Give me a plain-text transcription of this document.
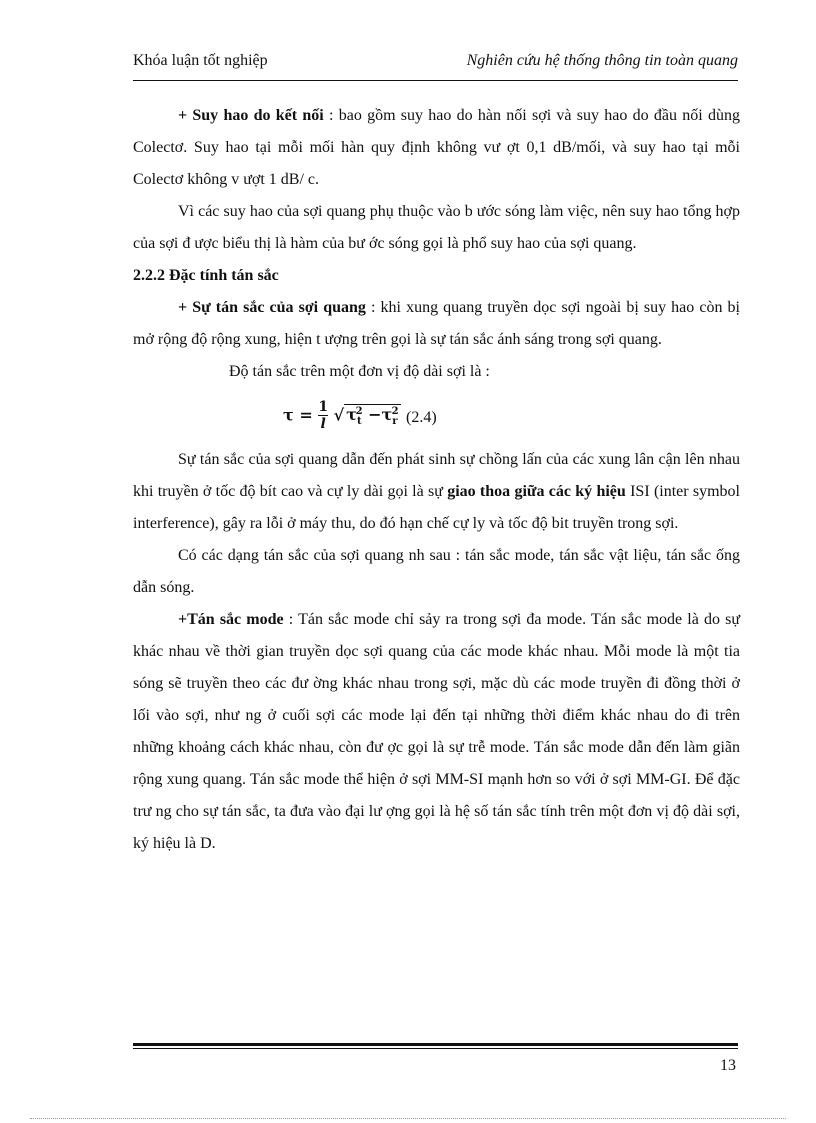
Khóa luận tốt nghiệp	Nghiên cứu hệ thống thông tin toàn quang

+ Suy hao do kết nối : bao gồm suy hao do hàn nối sợi và suy hao do đầu nối dùng Colectơ. Suy hao tại mỗi mối hàn quy định không vư ợt 0,1 dB/mối, và suy hao tại mỗi Colectơ không v ượt 1 dB/ c.

Vì các suy hao của sợi quang phụ thuộc vào b ước sóng làm việc, nên suy hao tổng hợp của sợi đ ược biểu thị là hàm của bư ớc sóng gọi là phổ suy hao của sợi quang.

2.2.2 Đặc tính tán sắc

+ Sự tán sắc của sợi quang : khi xung quang truyền dọc sợi ngoài bị suy hao còn bị mở rộng độ rộng xung, hiện t ượng trên gọi là sự tán sắc ánh sáng trong sợi quang.

Độ tán sắc trên một đơn vị độ dài sợi là :

$\tau = \frac{1}{l}$ √ $\tau_t^2 -\tau_r^2$ (2.4)

Sự tán sắc của sợi quang dẫn đến phát sinh sự chồng lấn của các xung lân cận lên nhau khi truyền ở tốc độ bít cao và cự ly dài gọi là sự giao thoa giữa các ký hiệu ISI (inter symbol interference), gây ra lỗi ở máy thu, do đó hạn chế cự ly và tốc độ bit truyền trong sợi.

Có các dạng tán sắc của sợi quang nh sau : tán sắc mode, tán sắc vật liệu, tán sắc ống dẫn sóng.

+Tán sắc mode : Tán sắc mode chỉ sảy ra trong sợi đa mode. Tán sắc mode là do sự khác nhau về thời gian truyền dọc sợi quang của các mode khác nhau. Mỗi mode là một tia sóng sẽ truyền theo các đư ờng khác nhau trong sợi, mặc dù các mode truyền đi đồng thời ở lối vào sợi, như ng ở cuối sợi các mode lại đến tại những thời điểm khác nhau do đi trên những khoảng cách khác nhau, còn đư ợc gọi là sự trễ mode. Tán sắc mode dẫn đến làm giãn rộng xung quang. Tán sắc mode thể hiện ở sợi MM-SI mạnh hơn so với ở sợi MM-GI. Để đặc trư ng cho sự tán sắc, ta đưa vào đại lư ợng gọi là hệ số tán sắc tính trên một đơn vị độ dài sợi, ký hiệu là D.

13
